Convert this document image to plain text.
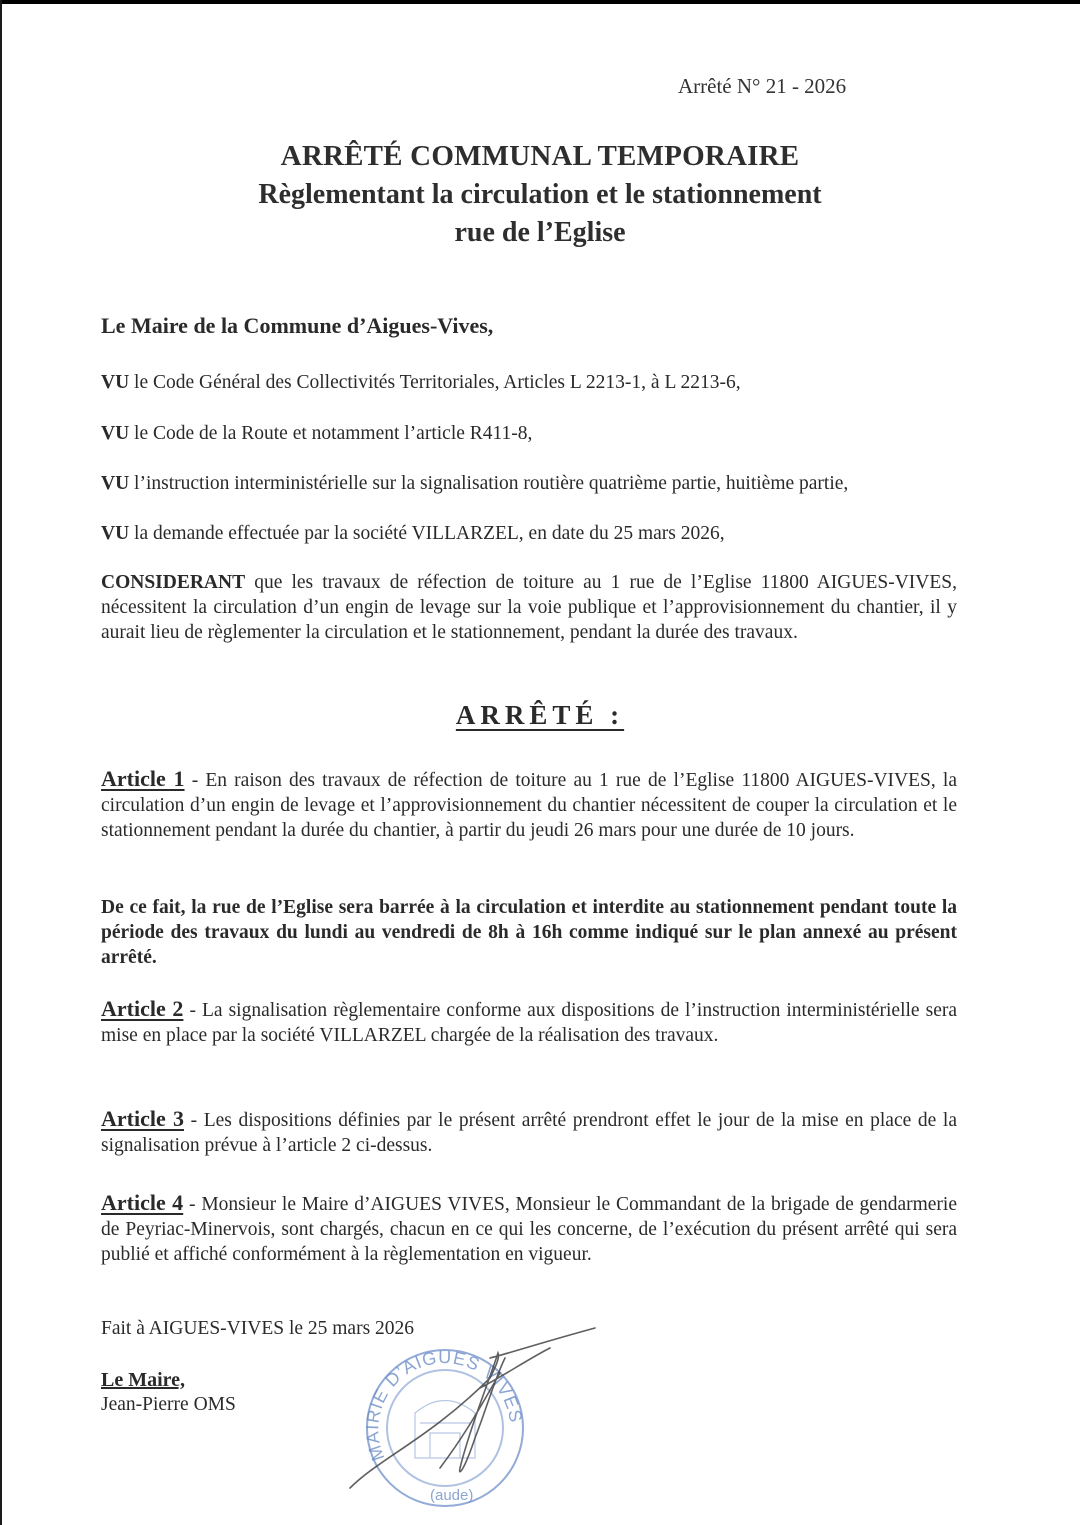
Arrêté N° 21 - 2026
ARRÊTÉ COMMUNAL TEMPORAIRE
Règlementant la circulation et le stationnement
rue de l’Eglise
Le Maire de la Commune d’Aigues-Vives,
VU le Code Général des Collectivités Territoriales, Articles L 2213-1, à L 2213-6,
VU le Code de la Route et notamment l’article R411-8,
VU l’instruction interministérielle sur la signalisation routière quatrième partie, huitième partie,
VU la demande effectuée par la société VILLARZEL, en date du 25 mars 2026,
CONSIDERANT que les travaux de réfection de toiture au 1 rue de l’Eglise 11800 AIGUES-VIVES, nécessitent la circulation d’un engin de levage sur la voie publique et l’approvisionnement du chantier, il y aurait lieu de règlementer la circulation et le stationnement, pendant la durée des travaux.
ARRÊTÉ :
Article 1 - En raison des travaux de réfection de toiture au 1 rue de l’Eglise 11800 AIGUES-VIVES, la circulation d’un engin de levage et l’approvisionnement du chantier nécessitent de couper la circulation et le stationnement pendant la durée du chantier, à partir du jeudi 26 mars pour une durée de 10 jours.
De ce fait, la rue de l’Eglise sera barrée à la circulation et interdite au stationnement pendant toute la période des travaux du lundi au vendredi de 8h à 16h comme indiqué sur le plan annexé au présent arrêté.
Article 2 - La signalisation règlementaire conforme aux dispositions de l’instruction interministérielle sera mise en place par la société VILLARZEL chargée de la réalisation des travaux.
Article 3 - Les dispositions définies par le présent arrêté prendront effet le jour de la mise en place de la signalisation prévue à l’article 2 ci-dessus.
Article 4 - Monsieur le Maire d’AIGUES VIVES, Monsieur le Commandant de la brigade de gendarmerie de Peyriac-Minervois, sont chargés, chacun en ce qui les concerne, de l’exécution du présent arrêté qui sera publié et affiché conformément à la règlementation en vigueur.
Fait à AIGUES-VIVES le 25 mars 2026
Le Maire,
Jean-Pierre OMS
MAIRIE D’AIGUES VIVES
(aude)
